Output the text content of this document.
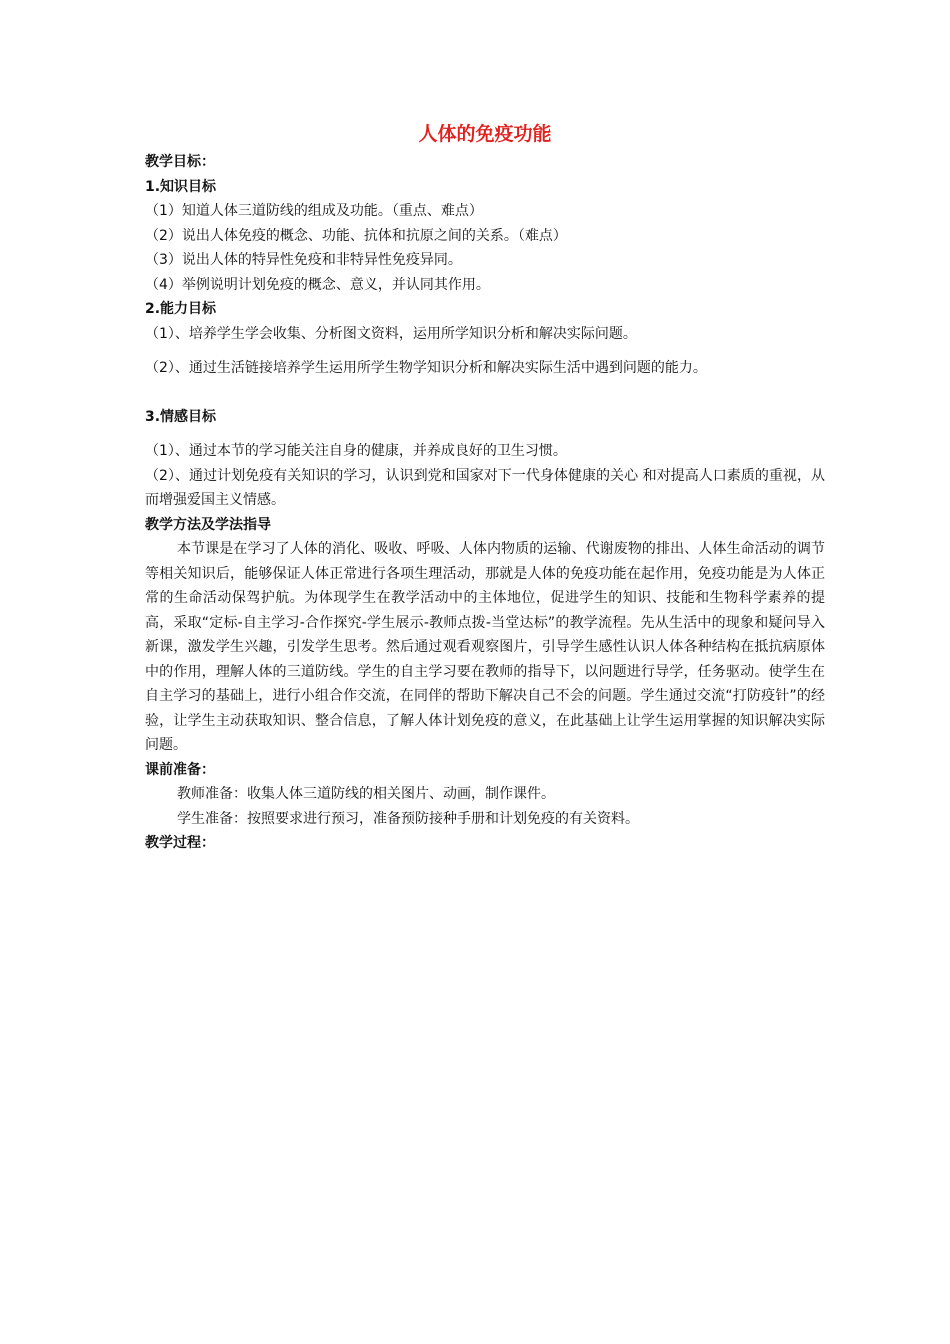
人体的免疫功能
教学目标：
1.知识目标
（1）知道人体三道防线的组成及功能。（重点、难点）
（2）说出人体免疫的概念、功能、抗体和抗原之间的关系。（难点）
（3）说出人体的特异性免疫和非特异性免疫异同。
（4）举例说明计划免疫的概念、意义，并认同其作用。
2.能力目标
（1）、培养学生学会收集、分析图文资料，运用所学知识分析和解决实际问题。
（2）、通过生活链接培养学生运用所学生物学知识分析和解决实际生活中遇到问题的能力。
3.情感目标
（1）、通过本节的学习能关注自身的健康，并养成良好的卫生习惯。
（2）、通过计划免疫有关知识的学习，认识到党和国家对下一代身体健康的关心 和对提高人口素质的重视，从而增强爱国主义情感。
教学方法及学法指导
本节课是在学习了人体的消化、吸收、呼吸、人体内物质的运输、代谢废物的排出、人体生命活动的调节等相关知识后，能够保证人体正常进行各项生理活动，那就是人体的免疫功能在起作用，免疫功能是为人体正常的生命活动保驾护航。为体现学生在教学活动中的主体地位，促进学生的知识、技能和生物科学素养的提高，采取“定标-自主学习-合作探究-学生展示-教师点拨-当堂达标”的教学流程。先从生活中的现象和疑问导入新课，激发学生兴趣，引发学生思考。然后通过观看观察图片，引导学生感性认识人体各种结构在抵抗病原体中的作用，理解人体的三道防线。学生的自主学习要在教师的指导下，以问题进行导学，任务驱动。使学生在自主学习的基础上，进行小组合作交流，在同伴的帮助下解决自己不会的问题。学生通过交流“打防疫针”的经验，让学生主动获取知识、整合信息，了解人体计划免疫的意义，在此基础上让学生运用掌握的知识解决实际问题。
课前准备：
教师准备：收集人体三道防线的相关图片、动画，制作课件。
学生准备：按照要求进行预习，准备预防接种手册和计划免疫的有关资料。
教学过程：
